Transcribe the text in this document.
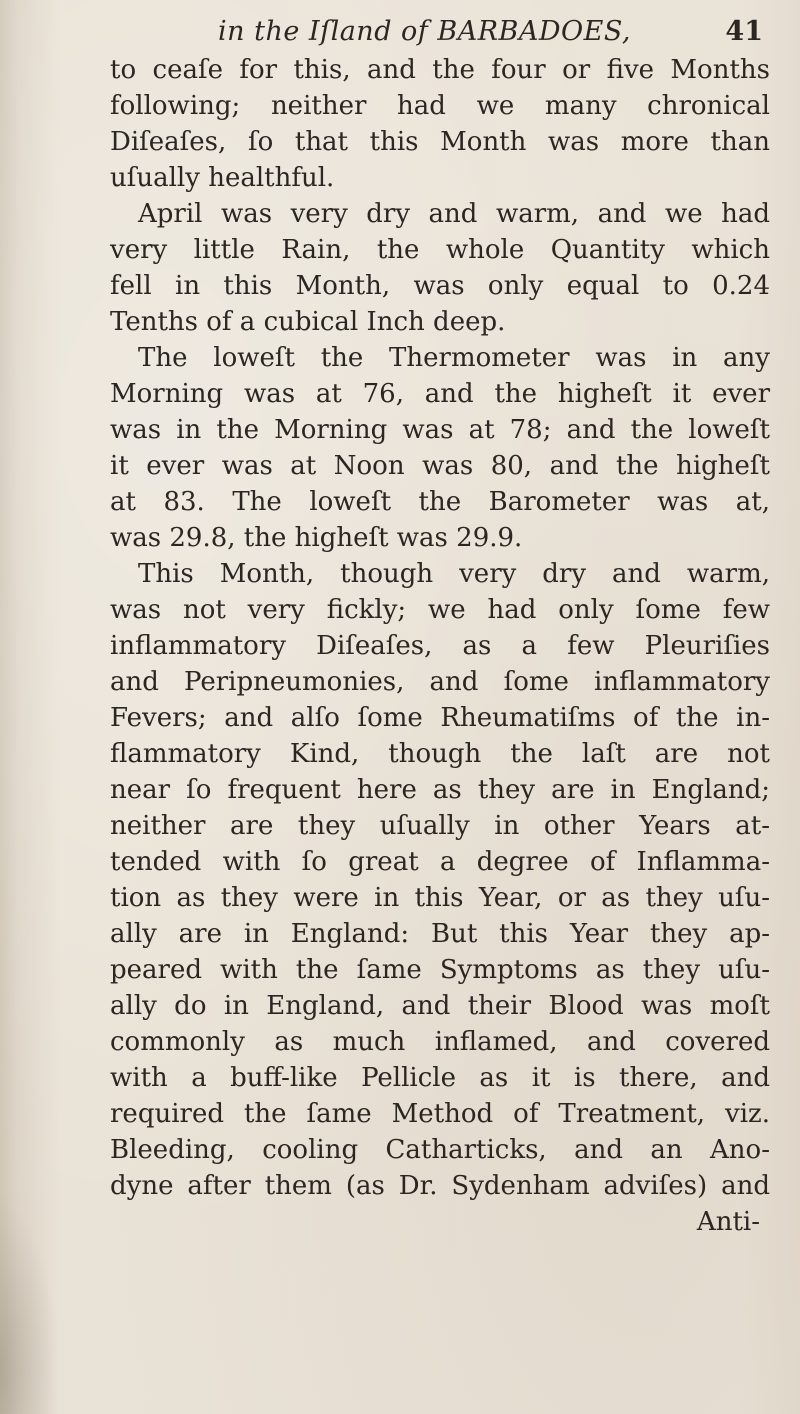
in the Iſland of BARBADOES,	41
to ceaſe for this, and the four or five Months
following; neither had we many chronical
Diſeaſes, ſo that this Month was more than
uſually healthful.
April was very dry and warm, and we had
very little Rain, the whole Quantity which
fell in this Month, was only equal to 0.24
Tenths of a cubical Inch deep.
The loweſt the Thermometer was in any
Morning was at 76, and the higheſt it ever
was in the Morning was at 78; and the loweſt
it ever was at Noon was 80, and the higheſt
at 83. The loweſt the Barometer was at,
was 29.8, the higheſt was 29.9.
This Month, though very dry and warm,
was not very fickly; we had only ſome few
inflammatory Diſeaſes, as a few Pleuriſies
and Peripneumonies, and ſome inflammatory
Fevers; and alſo ſome Rheumatiſms of the in-
flammatory Kind, though the laſt are not
near ſo frequent here as they are in England;
neither are they uſually in other Years at-
tended with ſo great a degree of Inflamma-
tion as they were in this Year, or as they uſu-
ally are in England: But this Year they ap-
peared with the ſame Symptoms as they uſu-
ally do in England, and their Blood was moſt
commonly as much inflamed, and covered
with a buff-like Pellicle as it is there, and
required the ſame Method of Treatment, viz.
Bleeding, cooling Catharticks, and an Ano-
dyne after them (as Dr. Sydenham adviſes) and
Anti-
